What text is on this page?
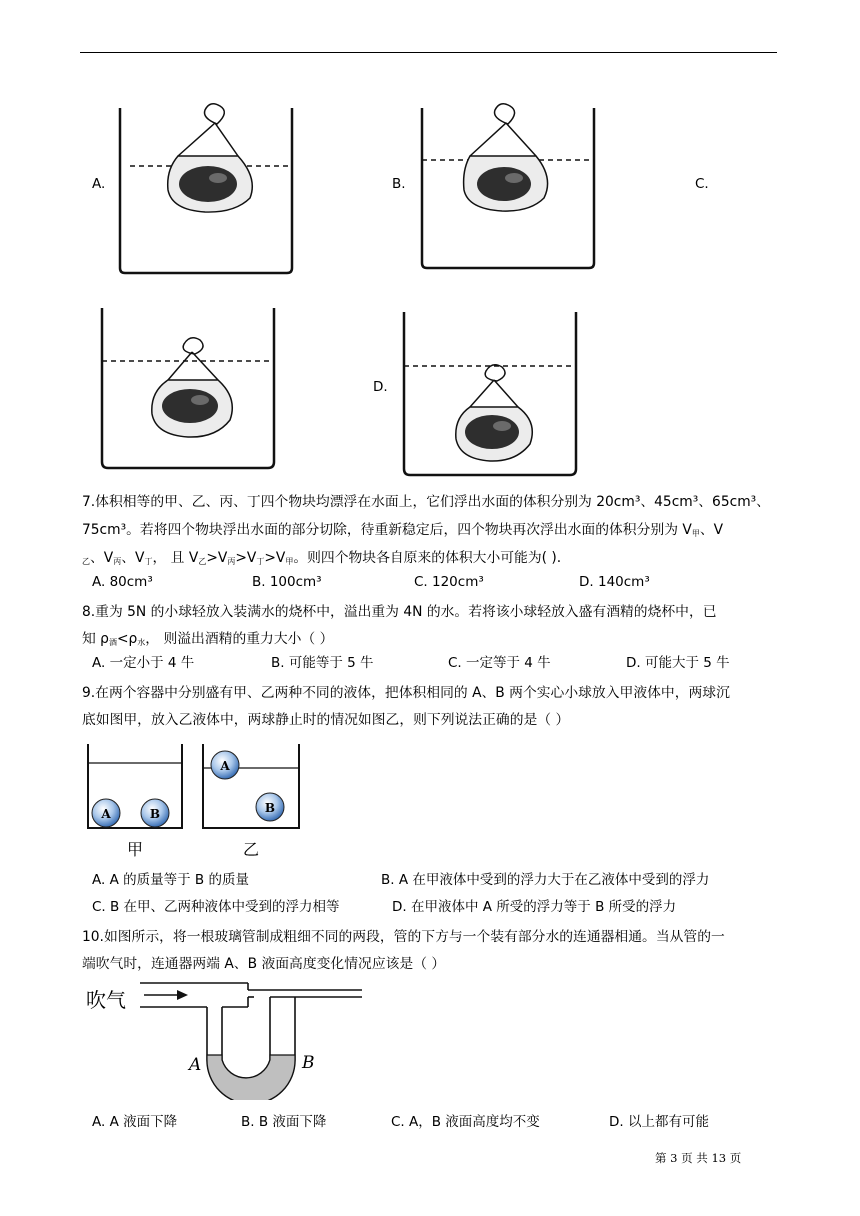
A.	B.	C.
D.
7.体积相等的甲、乙、丙、丁四个物块均漂浮在水面上，它们浮出水面的体积分别为 20cm³、45cm³、65cm³、
75cm³。若将四个物块浮出水面的部分切除，待重新稳定后，四个物块再次浮出水面的体积分别为 $V_甲$、V
$_乙$、$V_丙$、$V_丁$， 且 $V_乙>V_丙>V_丁>V_甲$。则四个物块各自原来的体积大小可能为( ).
A. 80cm³	B. 100cm³	C. 120cm³	D. 140cm³
8.重为 5N 的小球轻放入装满水的烧杯中，溢出重为 4N 的水。若将该小球轻放入盛有酒精的烧杯中，已
知 $\rho_酒<\rho_水$， 则溢出酒精的重力大小（ ）
A. 一定小于 4 牛	B. 可能等于 5 牛	C. 一定等于 4 牛	D. 可能大于 5 牛
9.在两个容器中分别盛有甲、乙两种不同的液体，把体积相同的 A、B 两个实心小球放入甲液体中，两球沉
底如图甲，放入乙液体中，两球静止时的情况如图乙，则下列说法正确的是（ ）
A	B
A
B
甲	乙
A. A 的质量等于 B 的质量	B. A 在甲液体中受到的浮力大于在乙液体中受到的浮力
C. B 在甲、乙两种液体中受到的浮力相等	D. 在甲液体中 A 所受的浮力等于 B 所受的浮力
10.如图所示，将一根玻璃管制成粗细不同的两段，管的下方与一个装有部分水的连通器相通。当从管的一
端吹气时，连通器两端 A、B 液面高度变化情况应该是（ ）
吹气
A	B
A. A 液面下降	B. B 液面下降	C. A，B 液面高度均不变	D. 以上都有可能
第 3 页 共 13 页
